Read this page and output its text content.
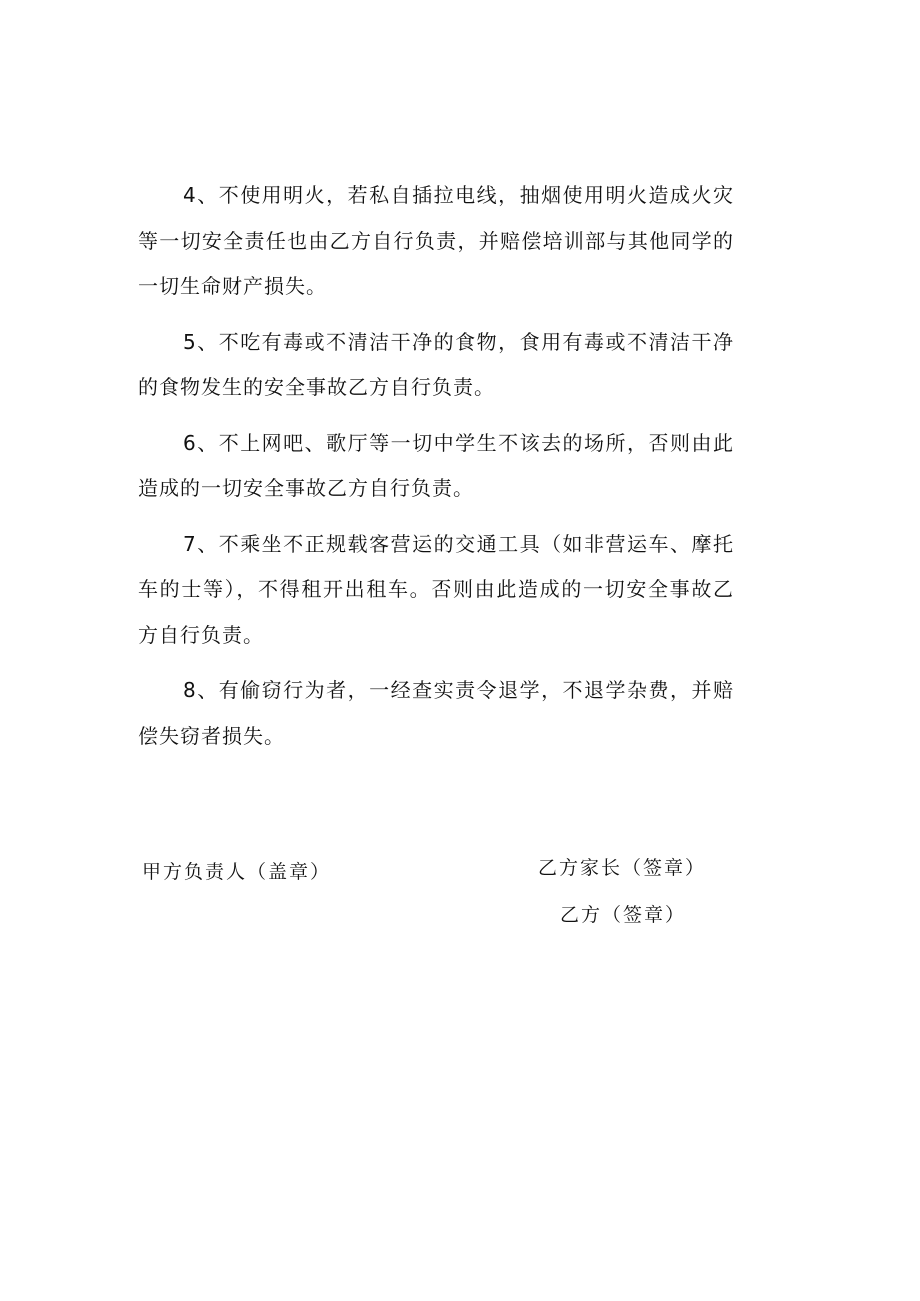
4、不使用明火，若私自插拉电线，抽烟使用明火造成火灾等一切安全责任也由乙方自行负责，并赔偿培训部与其他同学的一切生命财产损失。

5、不吃有毒或不清洁干净的食物，食用有毒或不清洁干净的食物发生的安全事故乙方自行负责。

6、不上网吧、歌厅等一切中学生不该去的场所，否则由此造成的一切安全事故乙方自行负责。

7、不乘坐不正规载客营运的交通工具（如非营运车、摩托车的士等），不得租开出租车。否则由此造成的一切安全事故乙方自行负责。

8、有偷窃行为者，一经查实责令退学，不退学杂费，并赔偿失窃者损失。

甲方负责人（盖章）	乙方家长（签章）
乙方（签章）
